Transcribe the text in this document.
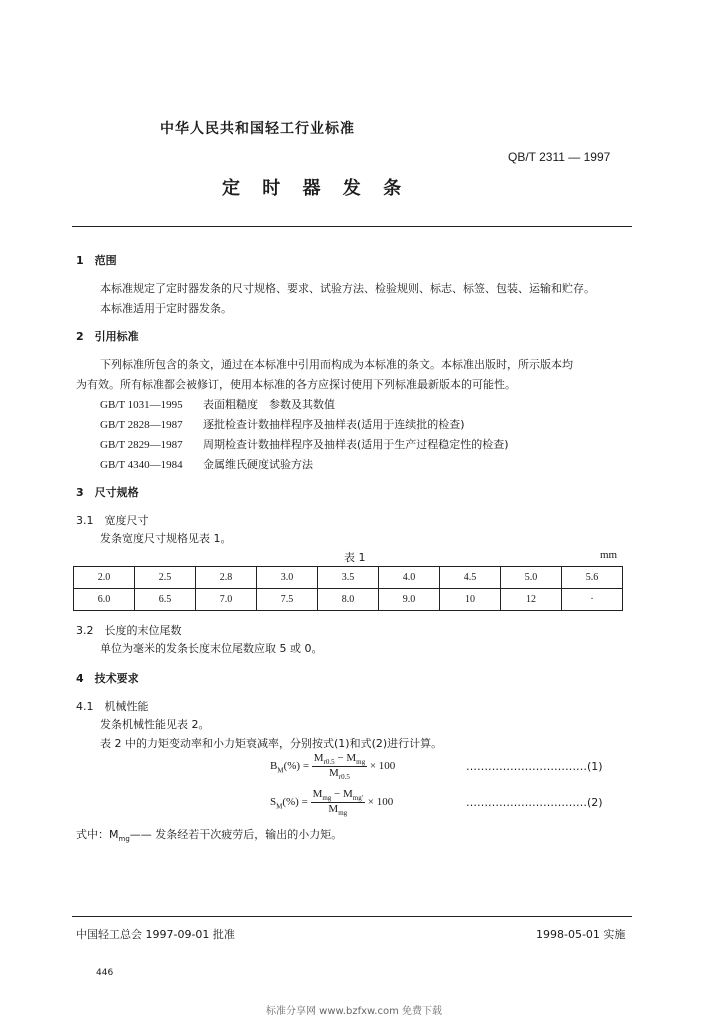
中华人民共和国轻工行业标准
QB/T 2311 — 1997
定 时 器 发 条
1　范围
本标准规定了定时器发条的尺寸规格、要求、试验方法、检验规则、标志、标签、包装、运输和贮存。
本标准适用于定时器发条。
2　引用标准
下列标准所包含的条文，通过在本标准中引用而构成为本标准的条文。本标准出版时，所示版本均
为有效。所有标准都会被修订，使用本标准的各方应探讨使用下列标准最新版本的可能性。
GB/T 1031—1995 表面粗糙度　参数及其数值
GB/T 2828—1987 逐批检查计数抽样程序及抽样表(适用于连续批的检查)
GB/T 2829—1987 周期检查计数抽样程序及抽样表(适用于生产过程稳定性的检查)
GB/T 4340—1984 金属维氏硬度试验方法
3　尺寸规格
3.1　宽度尺寸
发条宽度尺寸规格见表 1。
表 1	mm
2.0	2.5	2.8	3.0	3.5	4.0	4.5	5.0	5.6
6.0	6.5	7.0	7.5	8.0	9.0	10	12	·
3.2　长度的末位尾数
单位为毫米的发条长度末位尾数应取 5 或 0。
4　技术要求
4.1　机械性能
发条机械性能见表 2。
表 2 中的力矩变动率和小力矩衰减率，分别按式(1)和式(2)进行计算。
$B_M(\%) = \frac{M_{r0.5} - M_{mg}}{M_{r0.5}} \times 100$	……………………………(1)
$S_M(\%) = \frac{M_{mg} - M_{mg'}}{M_{mg}} \times 100$	……………………………(2)
式中：$M_{mg}——$ 发条经若干次疲劳后，输出的小力矩。
中国轻工总会 1997-09-01 批准	1998-05-01 实施
446
标准分享网 www.bzfxw.com 免费下载
